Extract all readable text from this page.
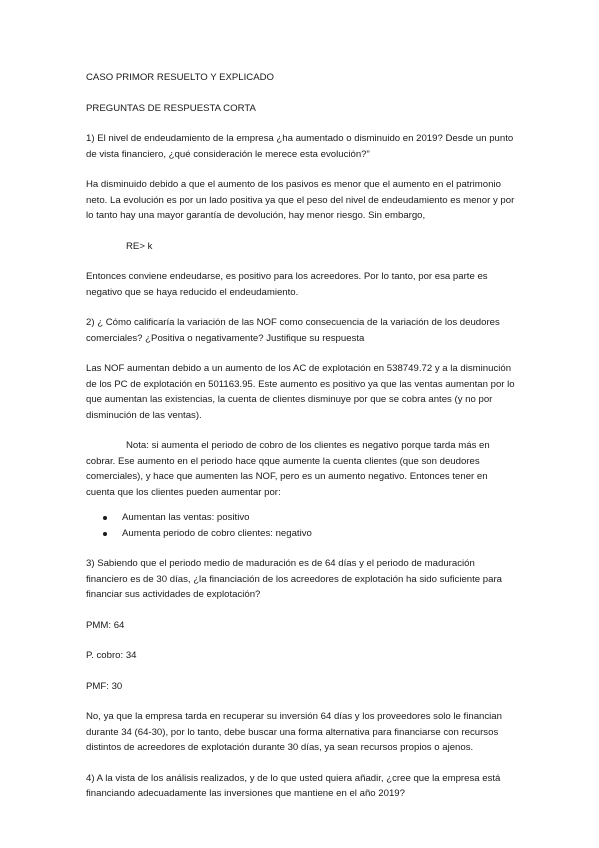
CASO PRIMOR RESUELTO Y EXPLICADO

PREGUNTAS DE RESPUESTA CORTA

1) El nivel de endeudamiento de la empresa ¿ha aumentado o disminuido en 2019? Desde un punto de vista financiero, ¿qué consideración le merece esta evolución?”

Ha disminuido debido a que el aumento de los pasivos es menor que el aumento en el patrimonio neto. La evolución es por un lado positiva ya que el peso del nivel de endeudamiento es menor y por lo tanto hay una mayor garantía de devolución, hay menor riesgo. Sin embargo,

RE> k

Entonces conviene endeudarse, es positivo para los acreedores. Por lo tanto, por esa parte es negativo que se haya reducido el endeudamiento.

2) ¿ Cómo calificaría la variación de las NOF como consecuencia de la variación de los deudores comerciales? ¿Positiva o negativamente? Justifique su respuesta

Las NOF aumentan debido a un aumento de los AC de explotación en 538749.72 y a la disminución de los PC de explotación en 501163.95. Este aumento es positivo ya que las ventas aumentan por lo que aumentan las existencias, la cuenta de clientes disminuye por que se cobra antes (y no por disminución de las ventas).

Nota: si aumenta el periodo de cobro de los clientes es negativo porque tarda más en cobrar. Ese aumento en el periodo hace qque aumente la cuenta clientes (que son deudores comerciales), y hace que aumenten las NOF, pero es un aumento negativo. Entonces tener en cuenta que los clientes pueden aumentar por:

Aumentan las ventas: positivo
Aumenta periodo de cobro clientes: negativo

3) Sabiendo que el periodo medio de maduración es de 64 días y el periodo de maduración financiero es de 30 días, ¿la financiación de los acreedores de explotación ha sido suficiente para financiar sus actividades de explotación?

PMM: 64

P. cobro: 34

PMF: 30

No, ya que la empresa tarda en recuperar su inversión 64 días y los proveedores solo le financian durante 34 (64-30), por lo tanto, debe buscar una forma alternativa para financiarse con recursos distintos de acreedores de explotación durante 30 días, ya sean recursos propios o ajenos.

4) A la vista de los análisis realizados, y de lo que usted quiera añadir, ¿cree que la empresa está financiando adecuadamente las inversiones que mantiene en el año 2019?
